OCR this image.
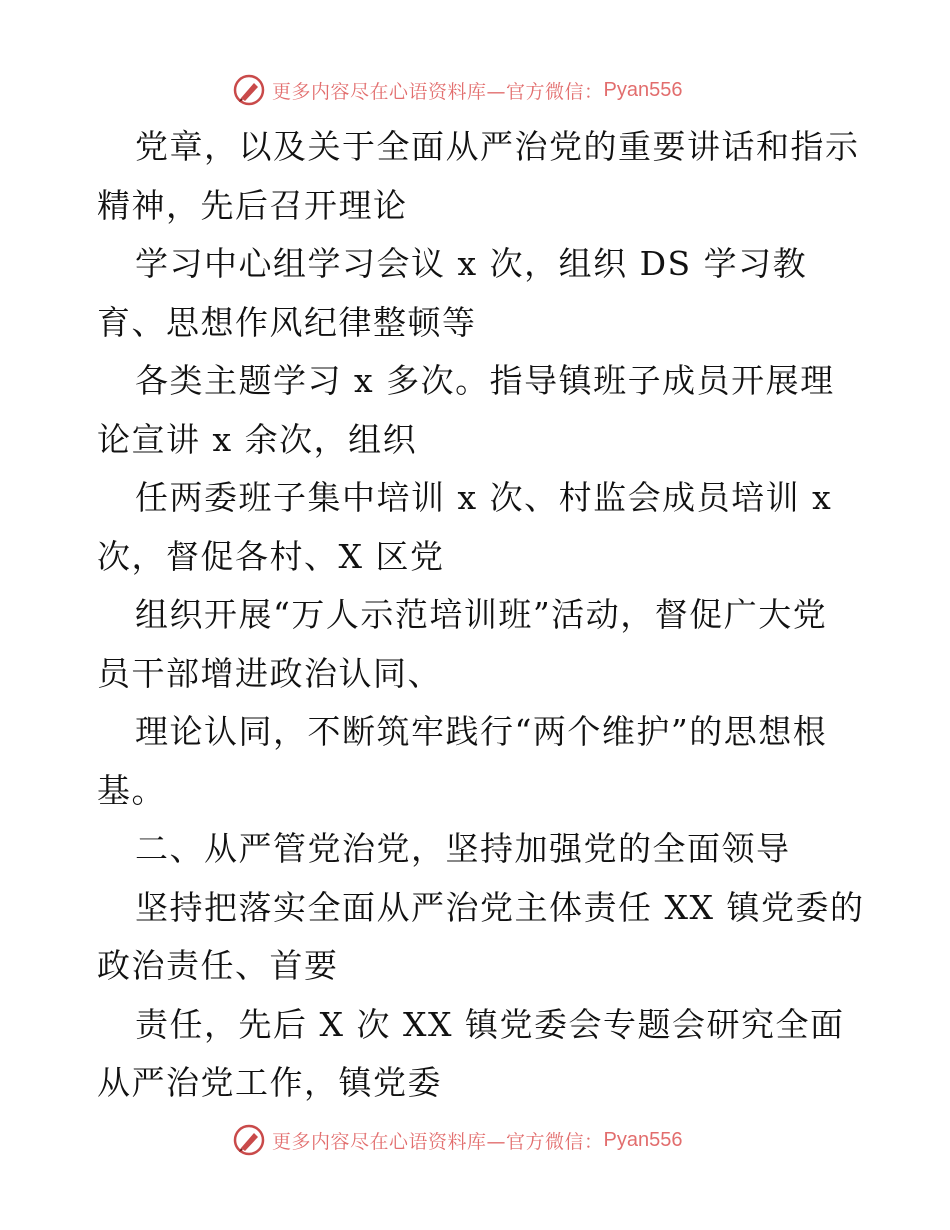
更多内容尽在心语资料库—官方微信： Pyan556
党章，以及关于全面从严治党的重要讲话和指示
精神，先后召开理论
学习中心组学习会议 x 次，组织 DS 学习教
育、思想作风纪律整顿等
各类主题学习 x 多次。指导镇班子成员开展理
论宣讲 x 余次，组织
任两委班子集中培训 x 次、村监会成员培训 x
次，督促各村、X 区党
组织开展“万人示范培训班”活动，督促广大党
员干部增进政治认同、
理论认同，不断筑牢践行“两个维护”的思想根
基。
二、从严管党治党，坚持加强党的全面领导
坚持把落实全面从严治党主体责任 XX 镇党委的
政治责任、首要
责任，先后 X 次 XX 镇党委会专题会研究全面
从严治党工作，镇党委
更多内容尽在心语资料库—官方微信： Pyan556
